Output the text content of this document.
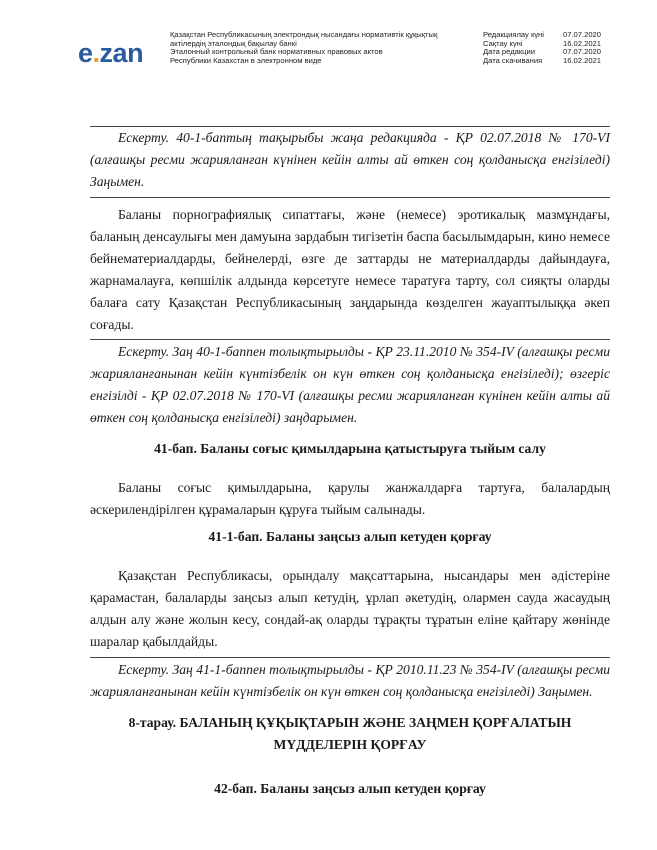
e.zan
Қазақстан Республикасының электрондық нысандағы нормативтік құқықтық
актілердің эталондық бақылау банкі
Эталонный контрольный банк нормативных правовых актов
Республики Казахстан в электронном виде
Редакциялау күні	07.07.2020
Сақтау күні	16.02.2021
Дата редакции	07.07.2020
Дата скачивания	16.02.2021

Ескерту. 40-1-баптың тақырыбы жаңа редакцияда - ҚР 02.07.2018 № 170-VI (алғашқы ресми жарияланған күнінен кейін алты ай өткен соң қолданысқа енгізіледі) Заңымен.

Баланы порнографиялық сипаттағы, және (немесе) эротикалық мазмұндағы, баланың денсаулығы мен дамуына зардабын тигізетін баспа басылымдарын, кино немесе бейнематериалдарды, бейнелерді, өзге де заттарды не материалдарды дайындауға, жарнамалауға, көпшілік алдында көрсетуге немесе таратуға тарту, сол сияқты оларды балаға сату Қазақстан Республикасының заңдарында көзделген жауаптылыққа әкеп соғады.

Ескерту. Заң 40-1-баппен толықтырылды - ҚР 23.11.2010 № 354-IV (алғашқы ресми жарияланғанынан кейін күнтізбелік он күн өткен соң қолданысқа енгізіледі); өзгеріс енгізілді - ҚР 02.07.2018 № 170-VI (алғашқы ресми жарияланған күнінен кейін алты ай өткен соң қолданысқа енгізіледі) заңдарымен.

41-бап. Баланы соғыс қимылдарына қатыстыруға тыйым салу

Баланы соғыс қимылдарына, қарулы жанжалдарға тартуға, балалардың әскерилендірілген құрамаларын құруға тыйым салынады.

41-1-бап. Баланы заңсыз алып кетуден қорғау

Қазақстан Республикасы, орындалу мақсаттарына, нысандары мен әдістеріне қарамастан, балаларды заңсыз алып кетудің, ұрлап әкетудің, олармен сауда жасаудың алдын алу және жолын кесу, сондай-ақ оларды тұрақты тұратын еліне қайтару жөнінде шаралар қабылдайды.

Ескерту. Заң 41-1-баппен толықтырылды - ҚР 2010.11.23 № 354-IV (алғашқы ресми жарияланғанынан кейін күнтізбелік он күн өткен соң қолданысқа енгізіледі) Заңымен.

8-тарау. БАЛАНЫҢ ҚҰҚЫҚТАРЫН ЖӘНЕ ЗАҢМЕН ҚОРҒАЛАТЫН МҮДДЕЛЕРІН ҚОРҒАУ
42-бап. Баланы заңсыз алып кетуден қорғау
